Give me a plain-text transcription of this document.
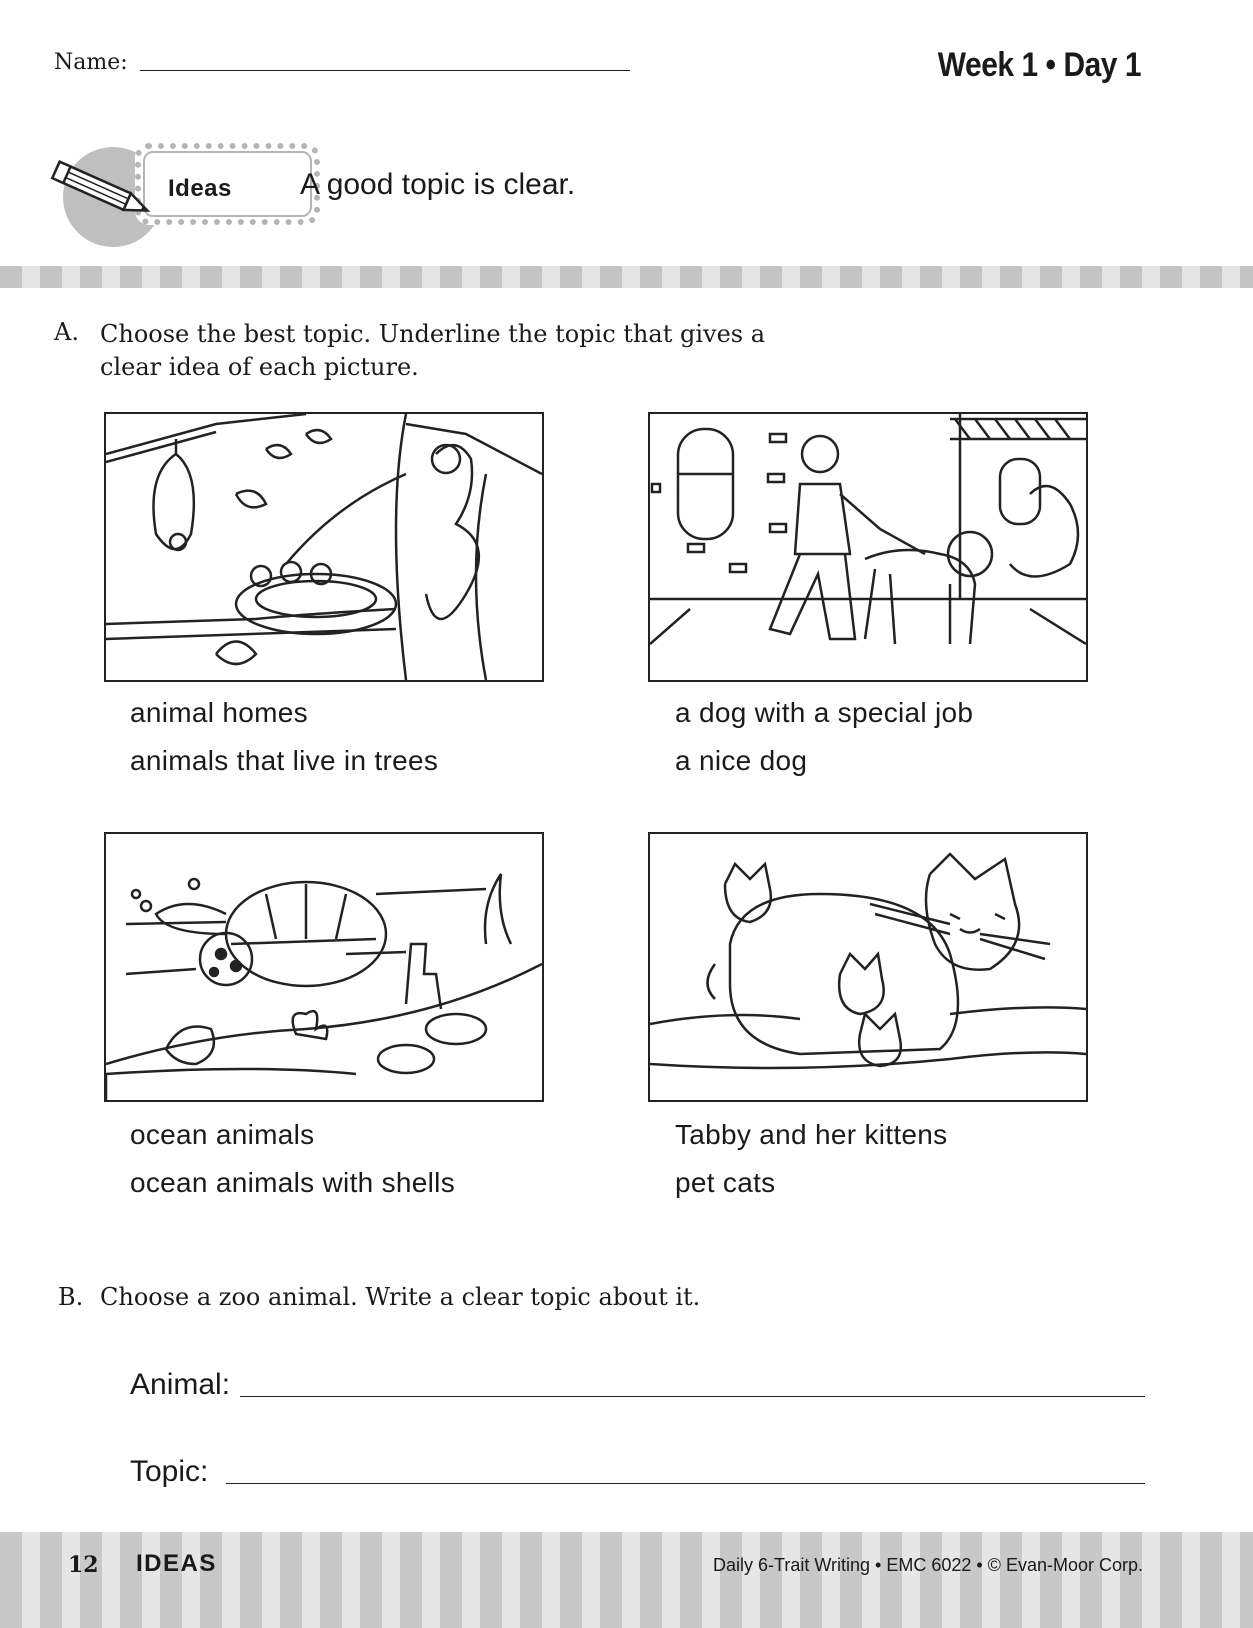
Name:	Week 1 • Day 1
Ideas A good topic is clear.
A. Choose the best topic. Underline the topic that gives a clear idea of each picture.
animal homes
animals that live in trees
a dog with a special job
a nice dog
ocean animals
ocean animals with shells
Tabby and her kittens
pet cats
B. Choose a zoo animal. Write a clear topic about it.
Animal:
Topic:
12 IDEAS	Daily 6-Trait Writing • EMC 6022 • © Evan-Moor Corp.
